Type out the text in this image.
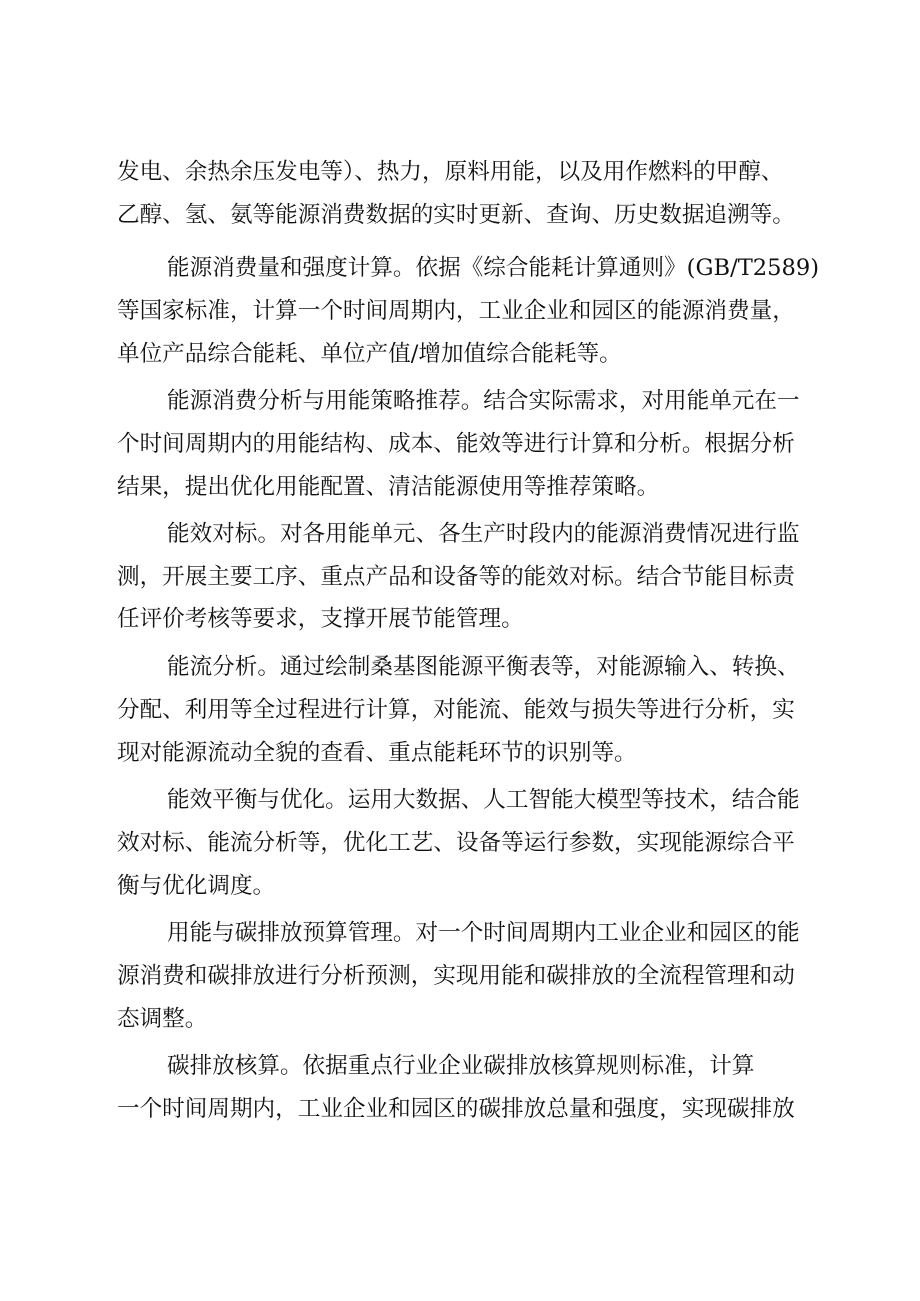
发电、余热余压发电等）、热力，原料用能，以及用作燃料的甲醇、

乙醇、氢、氨等能源消费数据的实时更新、查询、历史数据追溯等。

能源消费量和强度计算。依据《综合能耗计算通则》(GB/T2589)

等国家标准，计算一个时间周期内，工业企业和园区的能源消费量，

单位产品综合能耗、单位产值/增加值综合能耗等。

能源消费分析与用能策略推荐。结合实际需求，对用能单元在一

个时间周期内的用能结构、成本、能效等进行计算和分析。根据分析

结果，提出优化用能配置、清洁能源使用等推荐策略。

能效对标。对各用能单元、各生产时段内的能源消费情况进行监

测，开展主要工序、重点产品和设备等的能效对标。结合节能目标责

任评价考核等要求，支撑开展节能管理。

能流分析。通过绘制桑基图能源平衡表等，对能源输入、转换、

分配、利用等全过程进行计算，对能流、能效与损失等进行分析，实

现对能源流动全貌的查看、重点能耗环节的识别等。

能效平衡与优化。运用大数据、人工智能大模型等技术，结合能

效对标、能流分析等，优化工艺、设备等运行参数，实现能源综合平

衡与优化调度。

用能与碳排放预算管理。对一个时间周期内工业企业和园区的能

源消费和碳排放进行分析预测，实现用能和碳排放的全流程管理和动

态调整。

碳排放核算。依据重点行业企业碳排放核算规则标准，计算

一个时间周期内，工业企业和园区的碳排放总量和强度，实现碳排放
